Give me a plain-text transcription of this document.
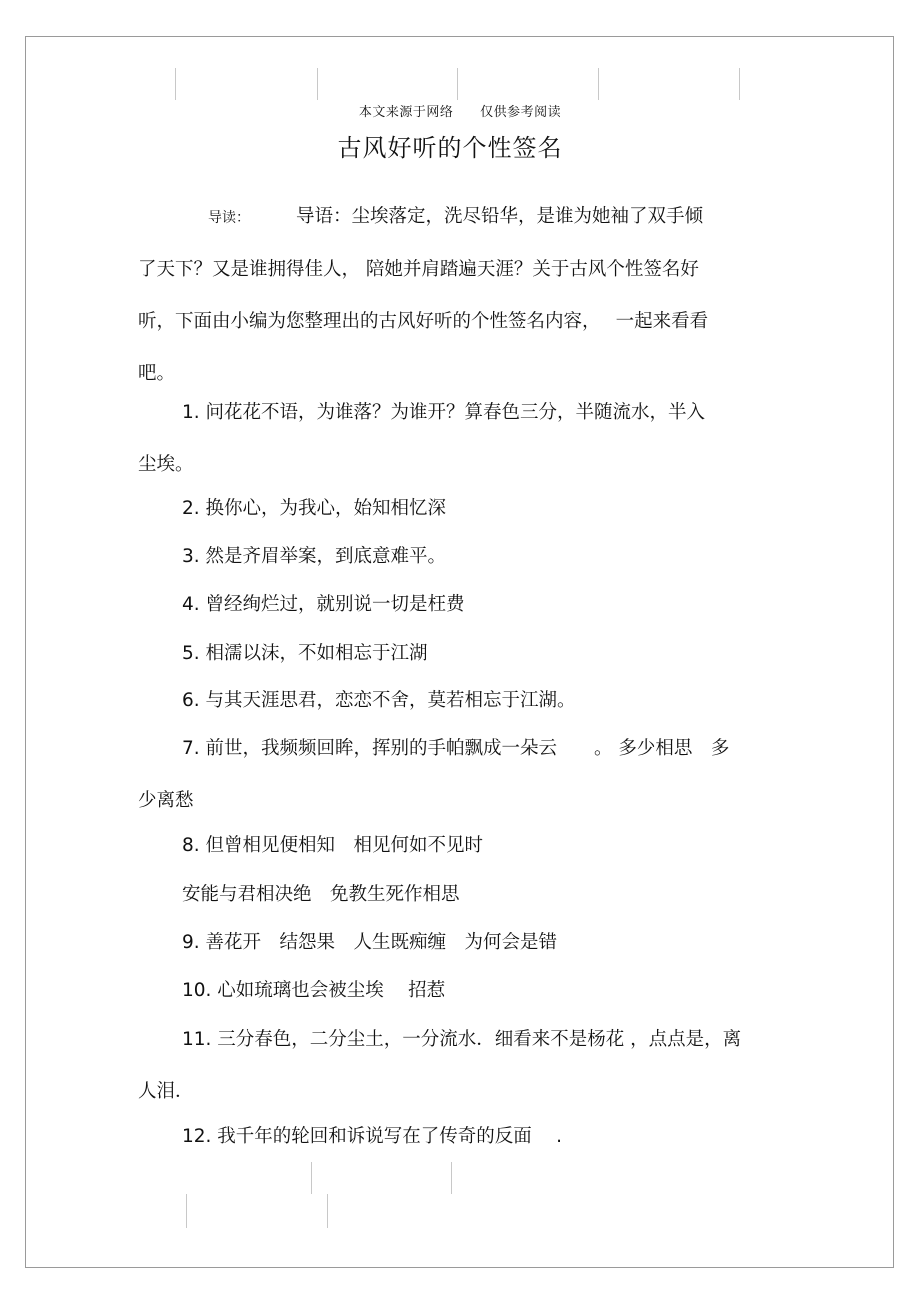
本文来源于网络 仅供参考阅读
古风好听的个性签名
导读： 导语：尘埃落定，洗尽铅华，是谁为她袖了双手倾
了天下？又是谁拥得佳人， 陪她并肩踏遍天涯？关于古风个性签名好
听，下面由小编为您整理出的古风好听的个性签名内容，　 一起来看看
吧。
1. 问花花不语，为谁落？为谁开？算春色三分，半随流水，半入
尘埃。
2. 换你心，为我心，始知相忆深
3. 然是齐眉举案，到底意难平。
4. 曾经绚烂过，就别说一切是枉费
5. 相濡以沫，不如相忘于江湖
6. 与其天涯思君，恋恋不舍，莫若相忘于江湖。
7. 前世，我频频回眸，挥别的手帕飘成一朵云　　。 多少相思　多
少离愁
8. 但曾相见便相知　相见何如不见时
安能与君相决绝　免教生死作相思
9. 善花开　结怨果　人生既痴缠　为何会是错
10. 心如琉璃也会被尘埃　 招惹
11. 三分春色，二分尘土，一分流水．细看来不是杨花 ，点点是，离
人泪．
12. 我千年的轮回和诉说写在了传奇的反面　 .
